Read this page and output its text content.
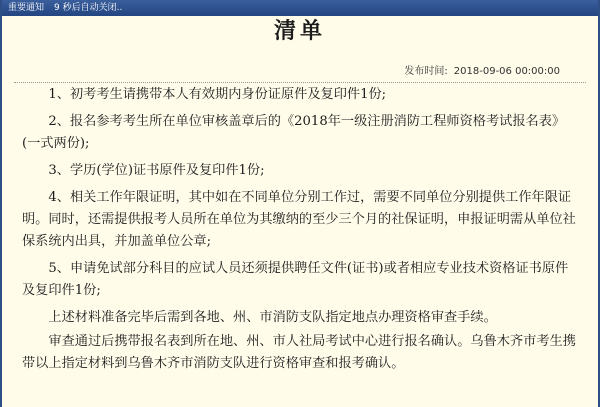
重要通知 9 秒后自动关闭..
清单
发布时间: 2018-09-06 00:00:00

1、初考考生请携带本人有效期内身份证原件及复印件1份;

2、报名参考考生所在单位审核盖章后的《2018年一级注册消防工程师资格考试报名表》(一式两份);

3、学历(学位)证书原件及复印件1份;

4、相关工作年限证明，其中如在不同单位分别工作过，需要不同单位分别提供工作年限证明。同时，还需提供报考人员所在单位为其缴纳的至少三个月的社保证明，申报证明需从单位社保系统内出具，并加盖单位公章;

5、申请免试部分科目的应试人员还须提供聘任文件(证书)或者相应专业技术资格证书原件及复印件1份;

上述材料准备完毕后需到各地、州、市消防支队指定地点办理资格审查手续。

审查通过后携带报名表到所在地、州、市人社局考试中心进行报名确认。乌鲁木齐市考生携带以上指定材料到乌鲁木齐市消防支队进行资格审查和报考确认。
